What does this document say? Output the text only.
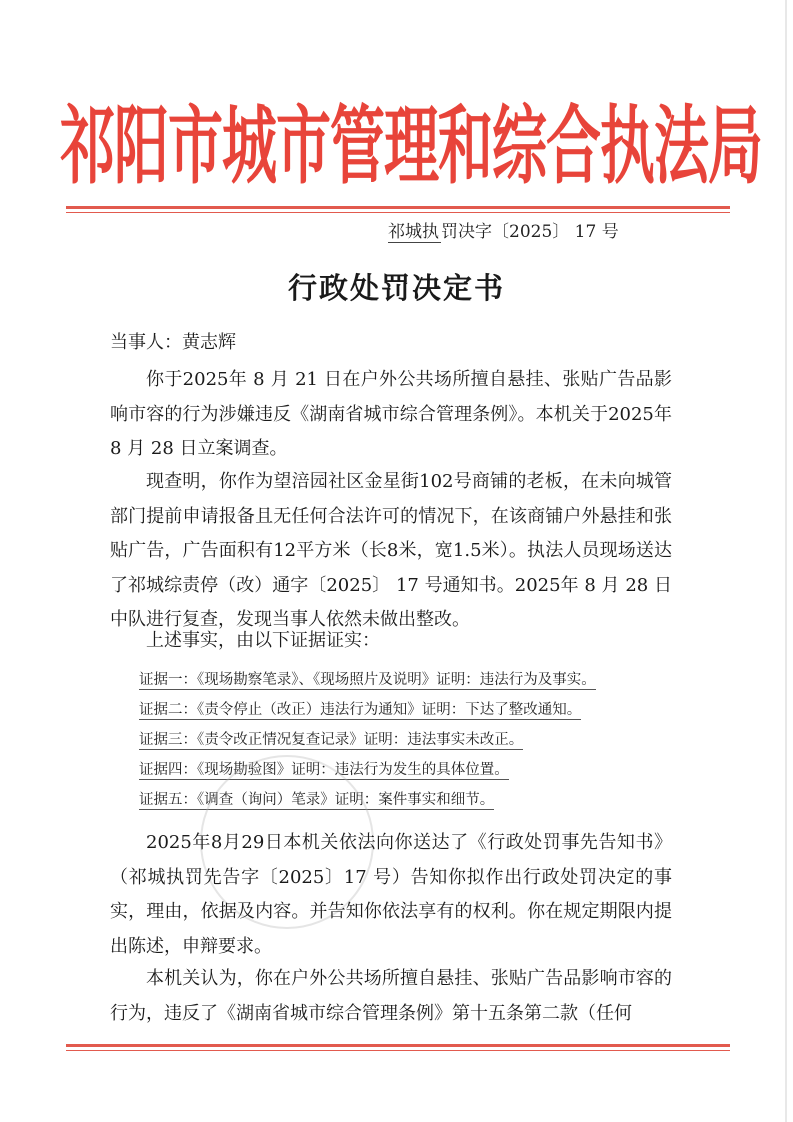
祁阳市城市管理和综合执法局
祁城执 罚决字〔2025〕 17 号
行政处罚决定书
当事人：黄志辉

你于2025年 8 月 21 日在户外公共场所擅自悬挂、张贴广告品影响市容的行为涉嫌违反《湖南省城市综合管理条例》。本机关于2025年 8 月 28 日立案调查。

现查明，你作为望涪园社区金星街102号商铺的老板，在未向城管部门提前申请报备且无任何合法许可的情况下，在该商铺户外悬挂和张贴广告，广告面积有12平方米（长8米，宽1.5米）。执法人员现场送达了祁城综责停（改）通字〔2025〕 17 号通知书。2025年 8 月 28 日中队进行复查，发现当事人依然未做出整改。

上述事实，由以下证据证实：

证据一：《现场勘察笔录》、《现场照片及说明》证明：违法行为及事实。
证据二：《责令停止（改正）违法行为通知》证明：下达了整改通知。
证据三：《责令改正情况复查记录》证明：违法事实未改正。
证据四：《现场勘验图》证明：违法行为发生的具体位置。
证据五：《调查（询问）笔录》证明：案件事实和细节。

2025年8月29日本机关依法向你送达了《行政处罚事先告知书》（祁城执罚先告字〔2025〕17 号）告知你拟作出行政处罚决定的事实，理由，依据及内容。并告知你依法享有的权利。你在规定期限内提出陈述，申辩要求。

本机关认为，你在户外公共场所擅自悬挂、张贴广告品影响市容的行为，违反了《湖南省城市综合管理条例》第十五条第二款（任何
